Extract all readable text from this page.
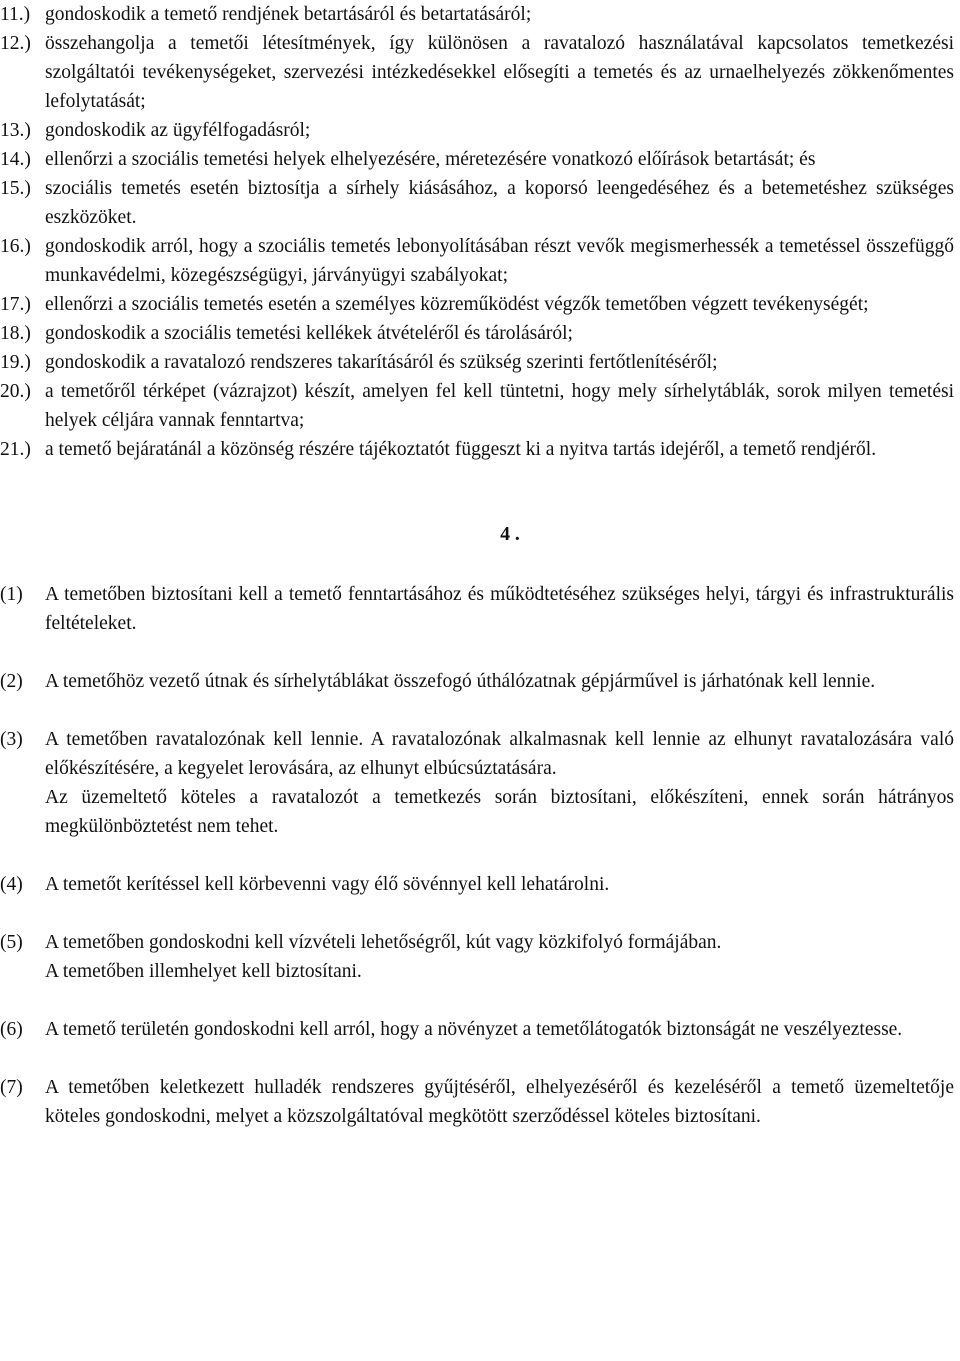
11.) gondoskodik a temető rendjének betartásáról és betartatásáról;
12.) összehangolja a temetői létesítmények, így különösen a ravatalozó használatával kapcsolatos temetkezési szolgáltatói tevékenységeket, szervezési intézkedésekkel elősegíti a temetés és az urnaelhelyezés zökkenőmentes lefolytatását;
13.) gondoskodik az ügyfélfogadásról;
14.) ellenőrzi a szociális temetési helyek elhelyezésére, méretezésére vonatkozó előírások betartását; és
15.) szociális temetés esetén biztosítja a sírhely kiásásához, a koporsó leengedéséhez és a betemetéshez szükséges eszközöket.
16.) gondoskodik arról, hogy a szociális temetés lebonyolításában részt vevők megismerhessék a temetéssel összefüggő munkavédelmi, közegészségügyi, járványügyi szabályokat;
17.) ellenőrzi a szociális temetés esetén a személyes közreműködést végzők temetőben végzett tevékenységét;
18.) gondoskodik a szociális temetési kellékek átvételéről és tárolásáról;
19.) gondoskodik a ravatalozó rendszeres takarításáról és szükség szerinti fertőtlenítéséről;
20.) a temetőről térképet (vázrajzot) készít, amelyen fel kell tüntetni, hogy mely sírhelytáblák, sorok milyen temetési helyek céljára vannak fenntartva;
21.) a temető bejáratánál a közönség részére tájékoztatót függeszt ki a nyitva tartás idejéről, a temető rendjéről.
4 .
(1) A temetőben biztosítani kell a temető fenntartásához és működtetéséhez szükséges helyi, tárgyi és infrastrukturális feltételeket.
(2) A temetőhöz vezető útnak és sírhelytáblákat összefogó úthálózatnak gépjárművel is járhatónak kell lennie.
(3) A temetőben ravatalozónak kell lennie. A ravatalozónak alkalmasnak kell lennie az elhunyt ravatalozására való előkészítésére, a kegyelet lerovására, az elhunyt elbúcsúztatására.
Az üzemeltető köteles a ravatalozót a temetkezés során biztosítani, előkészíteni, ennek során hátrányos megkülönböztetést nem tehet.
(4) A temetőt kerítéssel kell körbevenni vagy élő sövénnyel kell lehatárolni.
(5) A temetőben gondoskodni kell vízvételi lehetőségről, kút vagy közkifolyó formájában.
A temetőben illemhelyet kell biztosítani.
(6) A temető területén gondoskodni kell arról, hogy a növényzet a temetőlátogatók biztonságát ne veszélyeztesse.
(7) A temetőben keletkezett hulladék rendszeres gyűjtéséről, elhelyezéséről és kezeléséről a temető üzemeltetője köteles gondoskodni, melyet a közszolgáltatóval megkötött szerződéssel köteles biztosítani.
